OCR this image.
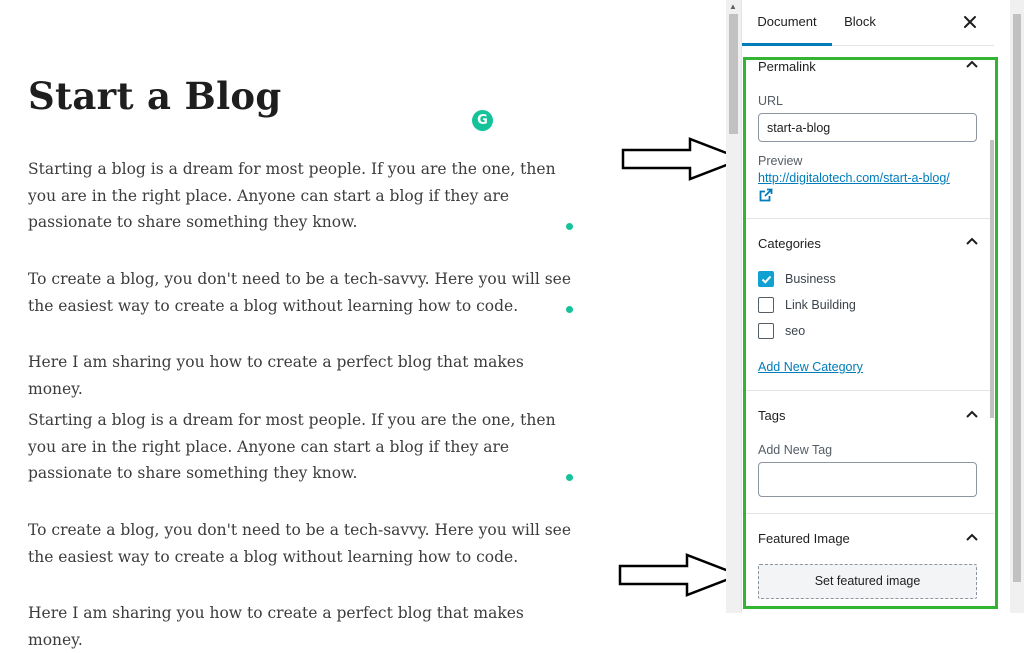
Start a Blog
G

Starting a blog is a dream for most people. If you are the one, then you are in the right place. Anyone can start a blog if they are passionate to share something they know.

To create a blog, you don't need to be a tech-savvy. Here you will see the easiest way to create a blog without learning how to code.

Here I am sharing you how to create a perfect blog that makes money.

Starting a blog is a dream for most people. If you are the one, then you are in the right place. Anyone can start a blog if they are passionate to share something they know.

To create a blog, you don't need to be a tech-savvy. Here you will see the easiest way to create a blog without learning how to code.

Here I am sharing you how to create a perfect blog that makes money.

▲
Document	Block
Permalink
URL
start-a-blog
Preview
http://digitalotech.com/start-a-blog/
Categories
Business
Link Building
seo
Add New Category
Tags
Add New Tag
Featured Image
Set featured image
